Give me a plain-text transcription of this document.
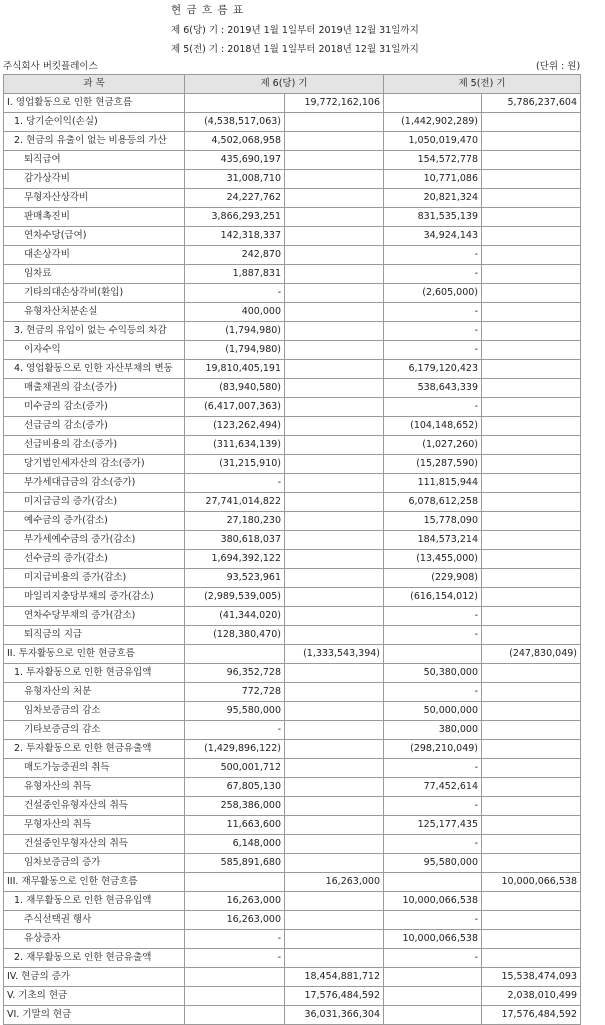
현 금 흐 름 표
제 6(당) 기 : 2019년 1월 1일부터 2019년 12월 31일까지
제 5(전) 기 : 2018년 1월 1일부터 2018년 12월 31일까지
주식회사 버킷플레이스	(단위 : 원)
과 목	제 6(당) 기		제 5(전) 기	
I. 영업활동으로 인한 현금흐름		19,772,162,106		5,786,237,604
1. 당기순이익(손실)	(4,538,517,063)		(1,442,902,289)	
2. 현금의 유출이 없는 비용등의 가산	4,502,068,958		1,050,019,470	
퇴직급여	435,690,197		154,572,778	
감가상각비	31,008,710		10,771,086	
무형자산상각비	24,227,762		20,821,324	
판매촉진비	3,866,293,251		831,535,139	
연차수당(급여)	142,318,337		34,924,143	
대손상각비	242,870		-	
임차료	1,887,831		-	
기타의대손상각비(환입)	-		(2,605,000)	
유형자산처분손실	400,000		-	
3. 현금의 유입이 없는 수익등의 차감	(1,794,980)		-	
이자수익	(1,794,980)		-	
4. 영업활동으로 인한 자산부채의 변동	19,810,405,191		6,179,120,423	
매출채권의 감소(증가)	(83,940,580)		538,643,339	
미수금의 감소(증가)	(6,417,007,363)		-	
선급금의 감소(증가)	(123,262,494)		(104,148,652)	
선급비용의 감소(증가)	(311,634,139)		(1,027,260)	
당기법인세자산의 감소(증가)	(31,215,910)		(15,287,590)	
부가세대급금의 감소(증가)	-		111,815,944	
미지급금의 증가(감소)	27,741,014,822		6,078,612,258	
예수금의 증가(감소)	27,180,230		15,778,090	
부가세예수금의 증가(감소)	380,618,037		184,573,214	
선수금의 증가(감소)	1,694,392,122		(13,455,000)	
미지급비용의 증가(감소)	93,523,961		(229,908)	
마일리지충당부채의 증가(감소)	(2,989,539,005)		(616,154,012)	
연차수당부채의 증가(감소)	(41,344,020)		-	
퇴직금의 지급	(128,380,470)		-	
II. 투자활동으로 인한 현금흐름		(1,333,543,394)		(247,830,049)
1. 투자활동으로 인한 현금유입액	96,352,728		50,380,000	
유형자산의 처분	772,728		-	
임차보증금의 감소	95,580,000		50,000,000	
기타보증금의 감소	-		380,000	
2. 투자활동으로 인한 현금유출액	(1,429,896,122)		(298,210,049)	
매도가능증권의 취득	500,001,712		-	
유형자산의 취득	67,805,130		77,452,614	
건설중인유형자산의 취득	258,386,000		-	
무형자산의 취득	11,663,600		125,177,435	
건설중인무형자산의 취득	6,148,000		-	
임차보증금의 증가	585,891,680		95,580,000	
III. 재무활동으로 인한 현금흐름		16,263,000		10,000,066,538
1. 재무활동으로 인한 현금유입액	16,263,000		10,000,066,538	
주식선택권 행사	16,263,000		-	
유상증자	-		10,000,066,538	
2. 재무활동으로 인한 현금유출액	-		-	
IV. 현금의 증가		18,454,881,712		15,538,474,093
V. 기초의 현금		17,576,484,592		2,038,010,499
VI. 기말의 현금		36,031,366,304		17,576,484,592
